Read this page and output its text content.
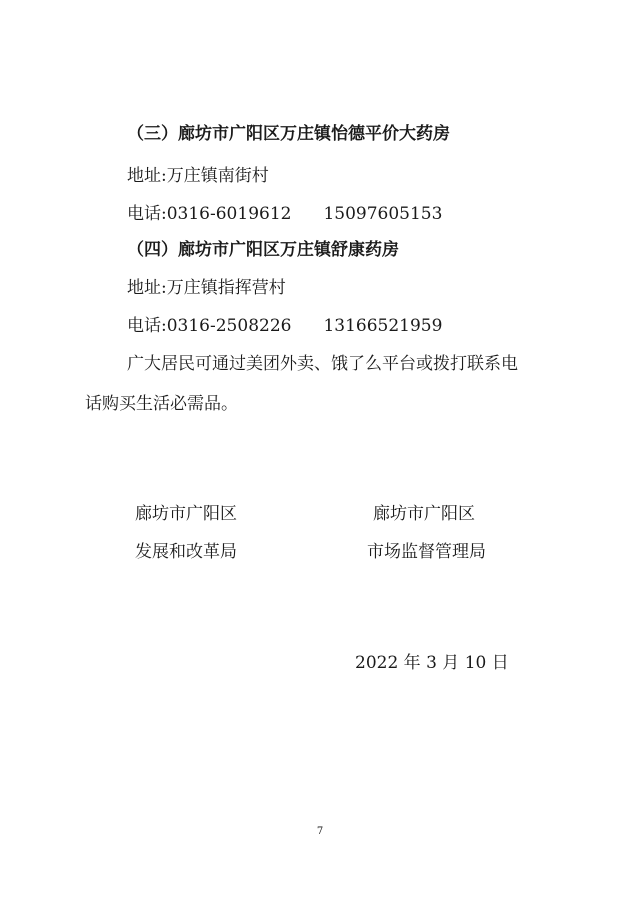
（三）廊坊市广阳区万庄镇怡德平价大药房
地址:万庄镇南街村
电话:0316-6019612 15097605153
（四）廊坊市广阳区万庄镇舒康药房
地址:万庄镇指挥营村
电话:0316-2508226 13166521959
广大居民可通过美团外卖、饿了么平台或拨打联系电
话购买生活必需品。
廊坊市广阳区
发展和改革局
廊坊市广阳区
市场监督管理局
2022 年 3 月 10 日
7
